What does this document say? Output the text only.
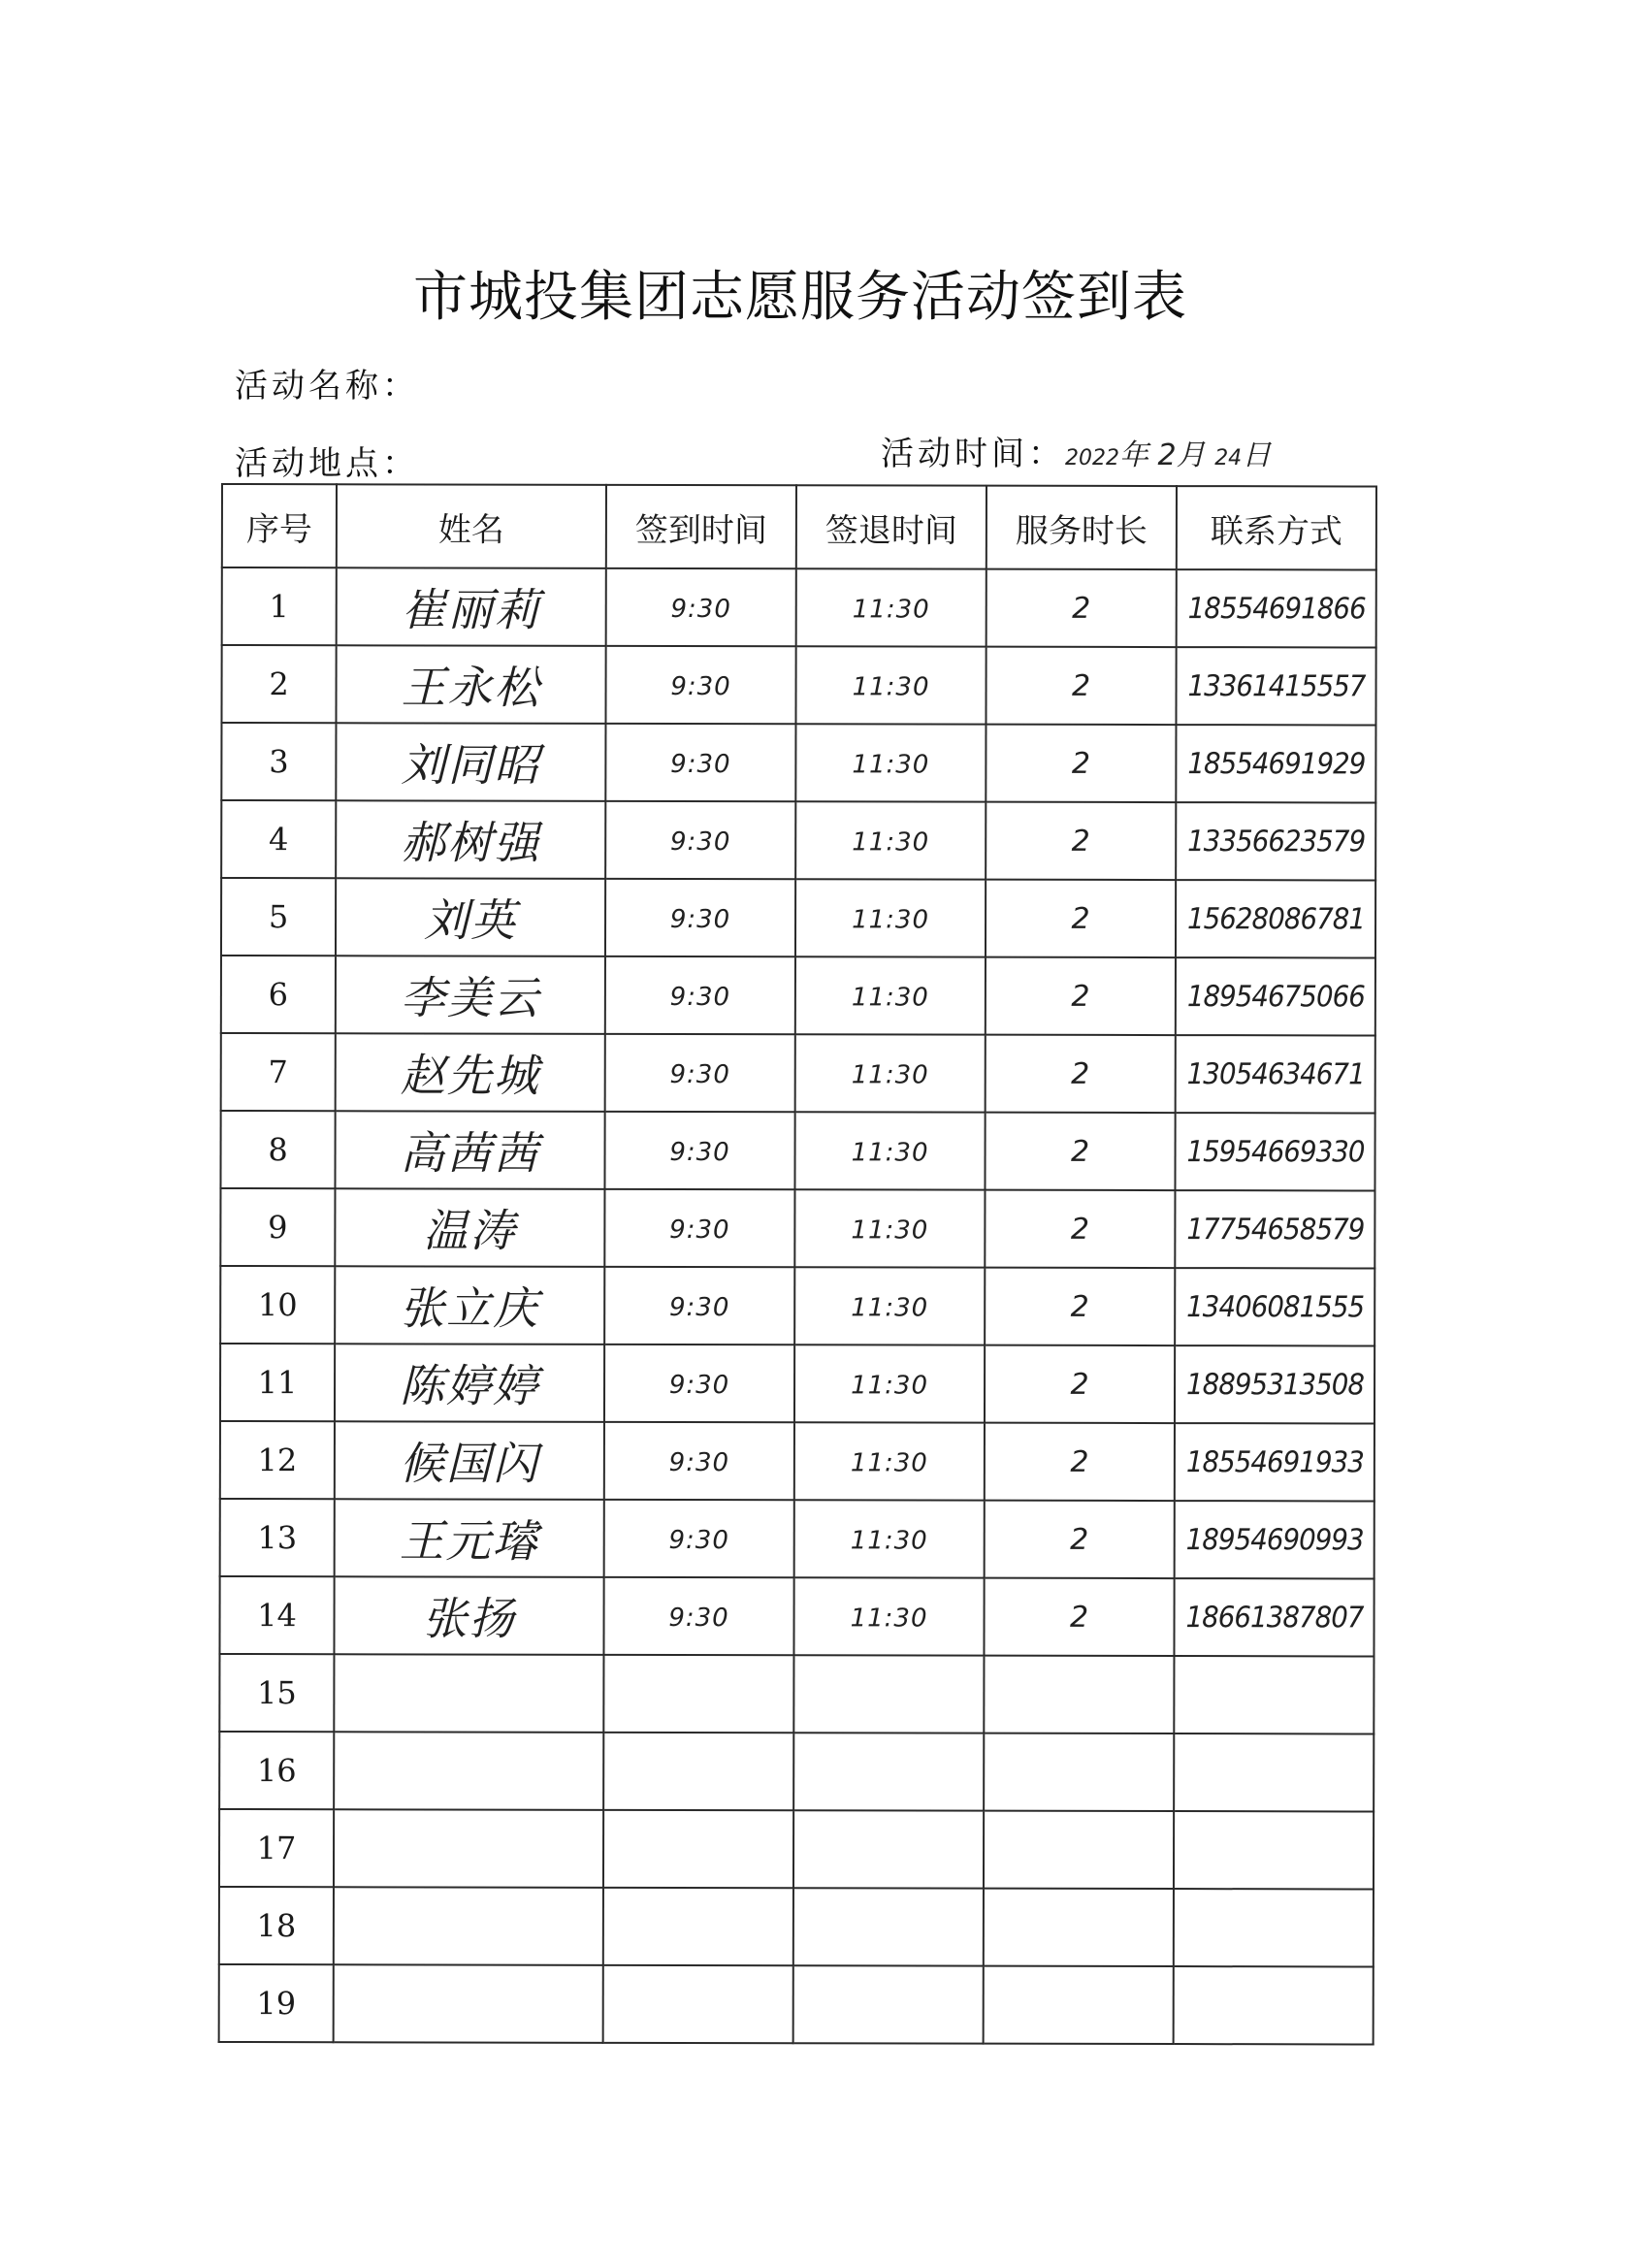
市城投集团志愿服务活动签到表
活动名称：
活动地点：	活动时间：2022年 2月 24日
序号	姓名	签到时间	签退时间	服务时长	联系方式
1	崔丽莉	9:30	11:30	2	18554691866
2	王永松	9:30	11:30	2	13361415557
3	刘同昭	9:30	11:30	2	18554691929
4	郝树强	9:30	11:30	2	13356623579
5	刘英	9:30	11:30	2	15628086781
6	李美云	9:30	11:30	2	18954675066
7	赵先城	9:30	11:30	2	13054634671
8	高茜茜	9:30	11:30	2	15954669330
9	温涛	9:30	11:30	2	17754658579
10	张立庆	9:30	11:30	2	13406081555
11	陈婷婷	9:30	11:30	2	18895313508
12	候国闪	9:30	11:30	2	18554691933
13	王元璿	9:30	11:30	2	18954690993
14	张扬	9:30	11:30	2	18661387807
15					
16					
17					
18					
19					
